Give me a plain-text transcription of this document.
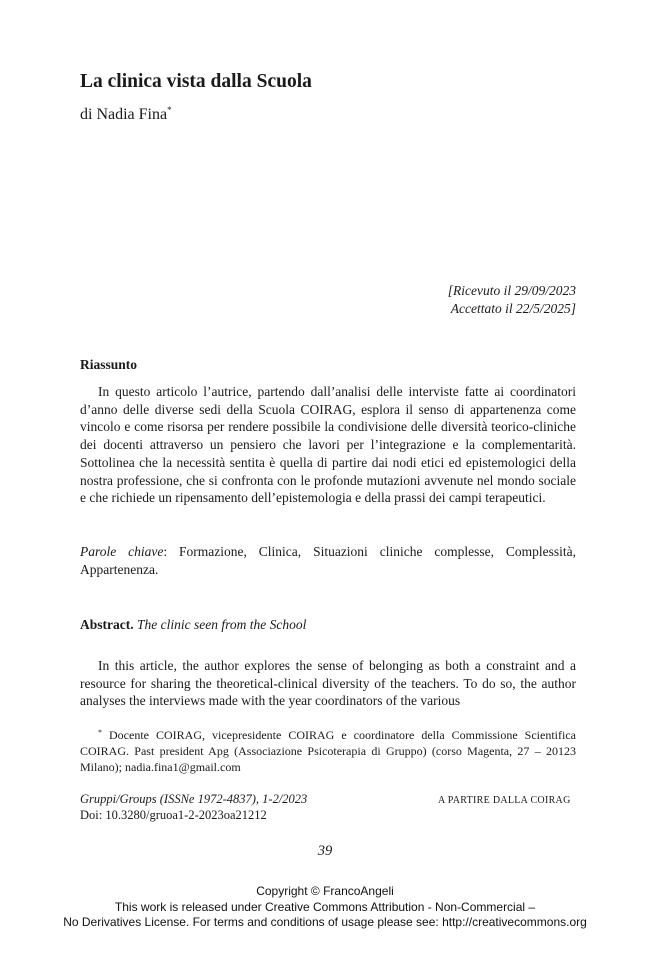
La clinica vista dalla Scuola
di Nadia Fina*
[Ricevuto il 29/09/2023
Accettato il 22/5/2025]
Riassunto
In questo articolo l’autrice, partendo dall’analisi delle interviste fatte ai coordinatori d’anno delle diverse sedi della Scuola COIRAG, esplora il senso di appartenenza come vincolo e come risorsa per rendere possibile la condivisione delle diversità teorico-cliniche dei docenti attraverso un pensiero che lavori per l’integrazione e la complementarità. Sottolinea che la necessità sentita è quella di partire dai nodi etici ed epistemologici della nostra professione, che si confronta con le profonde mutazioni avvenute nel mondo sociale e che richiede un ripensamento dell’epistemologia e della prassi dei campi terapeutici.
Parole chiave: Formazione, Clinica, Situazioni cliniche complesse, Complessità, Appartenenza.
Abstract. The clinic seen from the School
In this article, the author explores the sense of belonging as both a constraint and a resource for sharing the theoretical-clinical diversity of the teachers. To do so, the author analyses the interviews made with the year coordinators of the various
* Docente COIRAG, vicepresidente COIRAG e coordinatore della Commissione Scientifica COIRAG. Past president Apg (Associazione Psicoterapia di Gruppo) (corso Magenta, 27 – 20123 Milano); nadia.fina1@gmail.com
Gruppi/Groups (ISSNe 1972-4837), 1-2/2023
Doi: 10.3280/gruoa1-2-2023oa21212
A PARTIRE DALLA COIRAG
39
Copyright © FrancoAngeli
This work is released under Creative Commons Attribution - Non-Commercial –
No Derivatives License. For terms and conditions of usage please see: http://creativecommons.org
